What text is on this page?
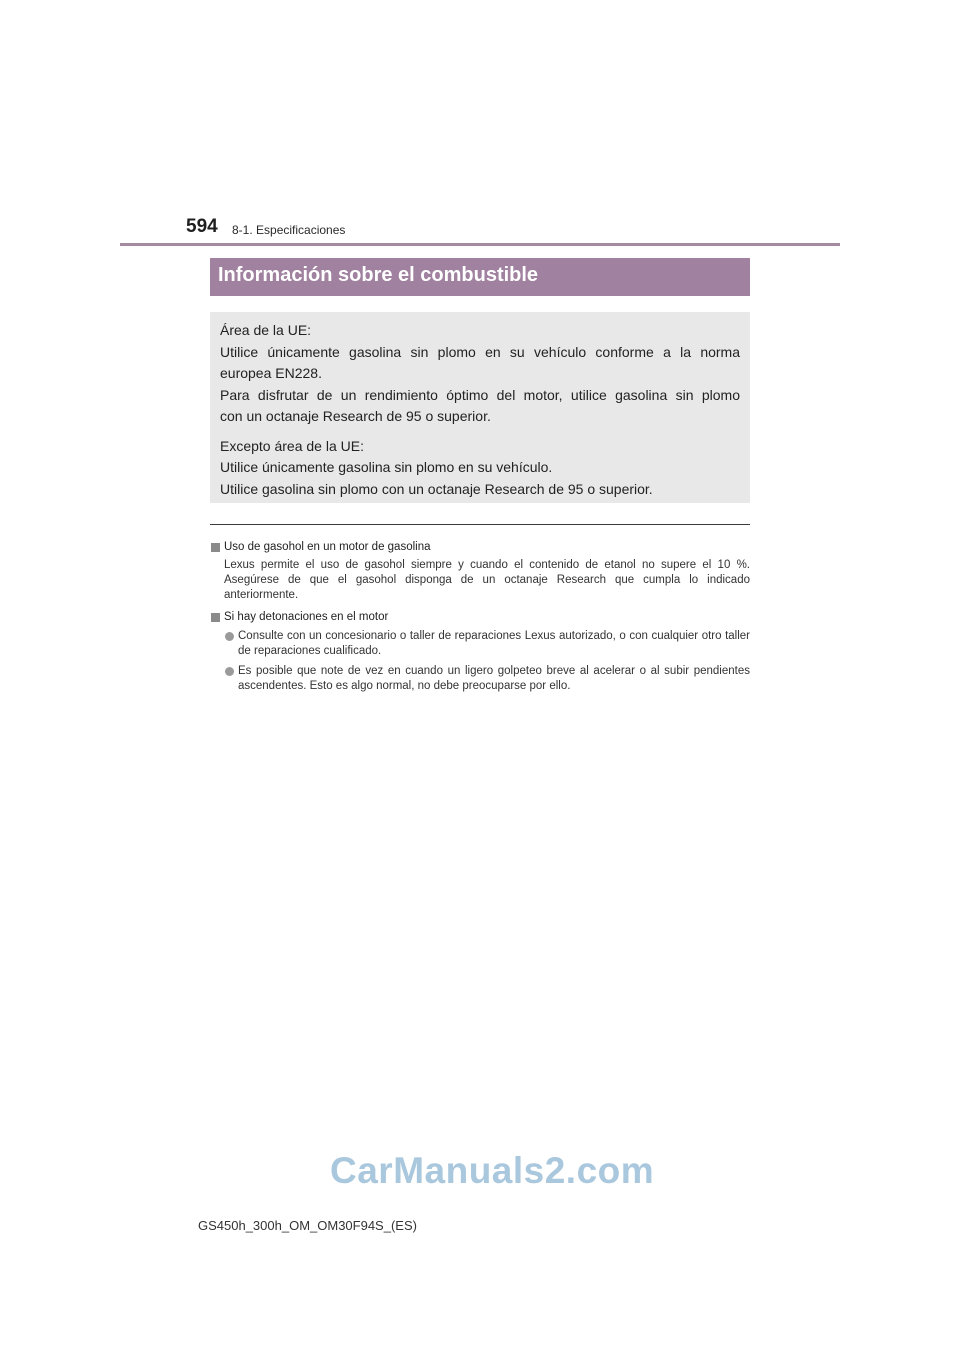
594 8-1. Especificaciones
Información sobre el combustible

Área de la UE:

Utilice únicamente gasolina sin plomo en su vehículo conforme a la norma

europea EN228.

Para disfrutar de un rendimiento óptimo del motor, utilice gasolina sin plomo

con un octanaje Research de 95 o superior.

Excepto área de la UE:

Utilice únicamente gasolina sin plomo en su vehículo.

Utilice gasolina sin plomo con un octanaje Research de 95 o superior.

Uso de gasohol en un motor de gasolina

Lexus permite el uso de gasohol siempre y cuando el contenido de etanol no supere el 10 %. Asegúrese de que el gasohol disponga de un octanaje Research que cumpla lo indicado anteriormente.

Si hay detonaciones en el motor
Consulte con un concesionario o taller de reparaciones Lexus autorizado, o con cualquier otro taller de reparaciones cualificado.
Es posible que note de vez en cuando un ligero golpeteo breve al acelerar o al subir pendientes ascendentes. Esto es algo normal, no debe preocuparse por ello.
CarManuals2.com
GS450h_300h_OM_OM30F94S_(ES)
